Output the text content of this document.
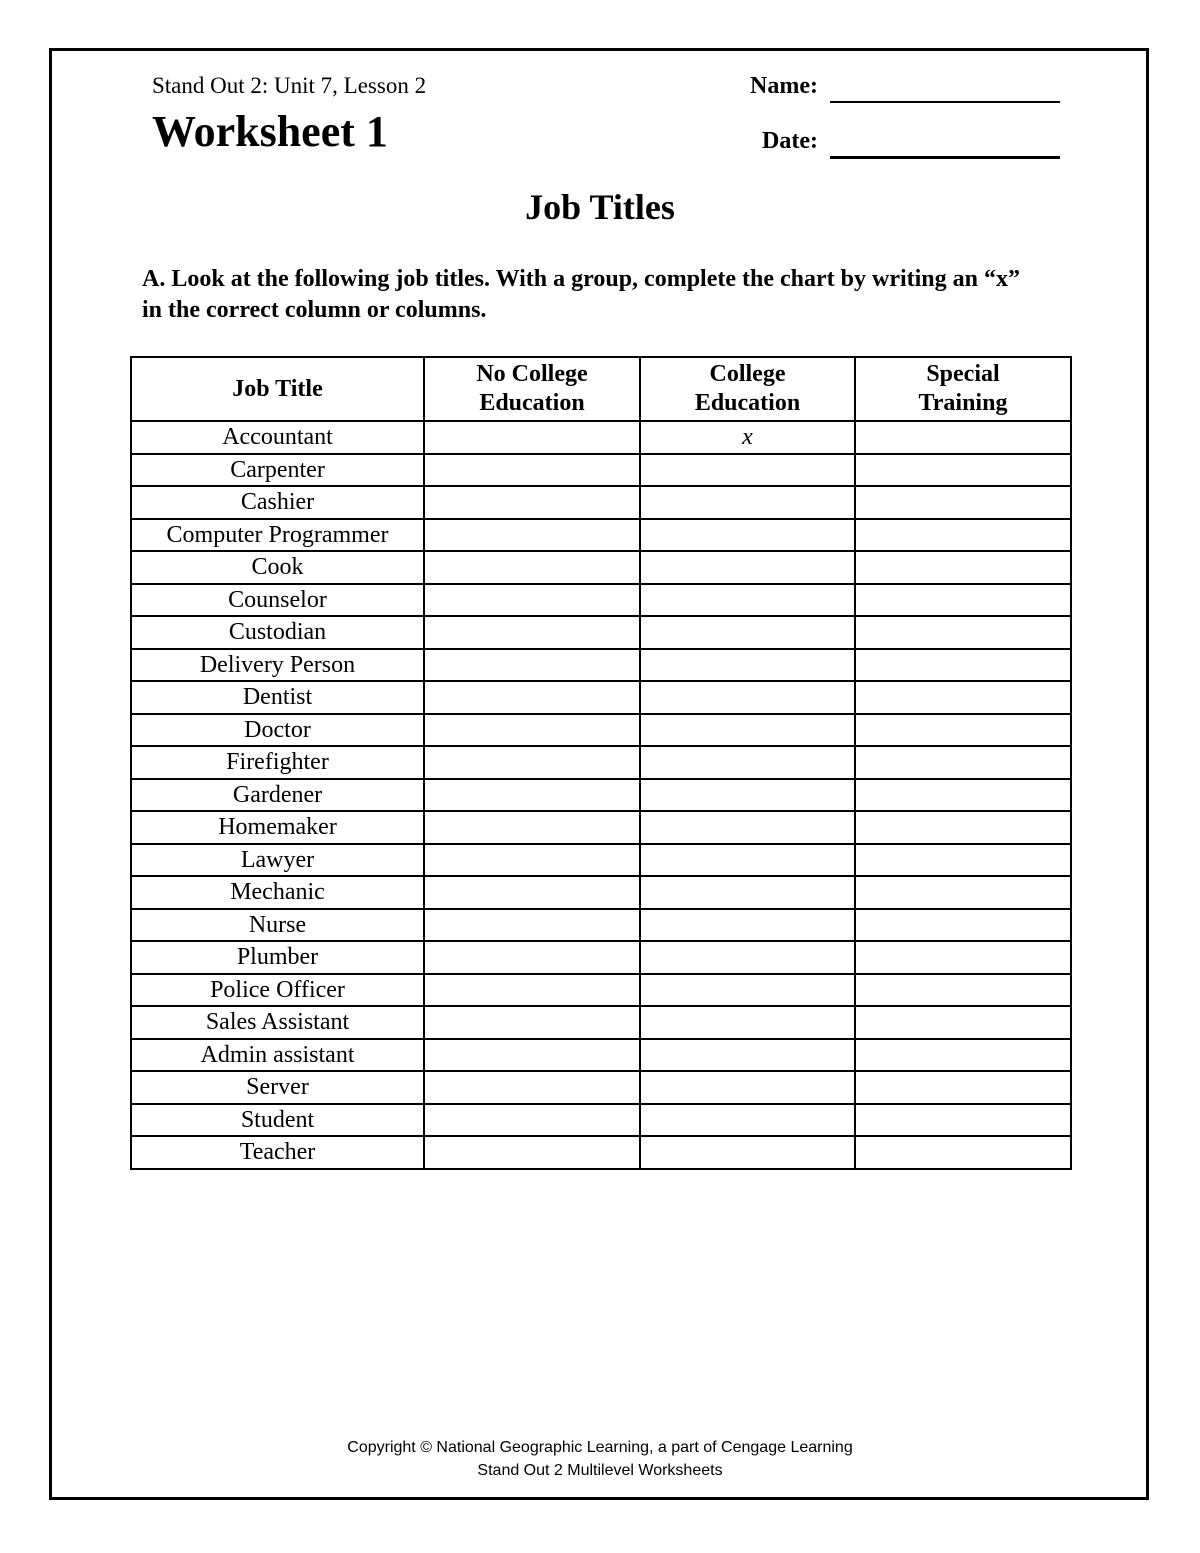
Stand Out 2: Unit 7, Lesson 2
Worksheet 1
Name:
Date:
Job Titles
A. Look at the following job titles. With a group, complete the chart by writing an “x” in the correct column or columns.
Job Title	No College Education	College Education	Special Training
Accountant		x	
Carpenter			
Cashier			
Computer Programmer			
Cook			
Counselor			
Custodian			
Delivery Person			
Dentist			
Doctor			
Firefighter			
Gardener			
Homemaker			
Lawyer			
Mechanic			
Nurse			
Plumber			
Police Officer			
Sales Assistant			
Admin assistant			
Server			
Student			
Teacher			
Copyright © National Geographic Learning, a part of Cengage Learning
Stand Out 2 Multilevel Worksheets
